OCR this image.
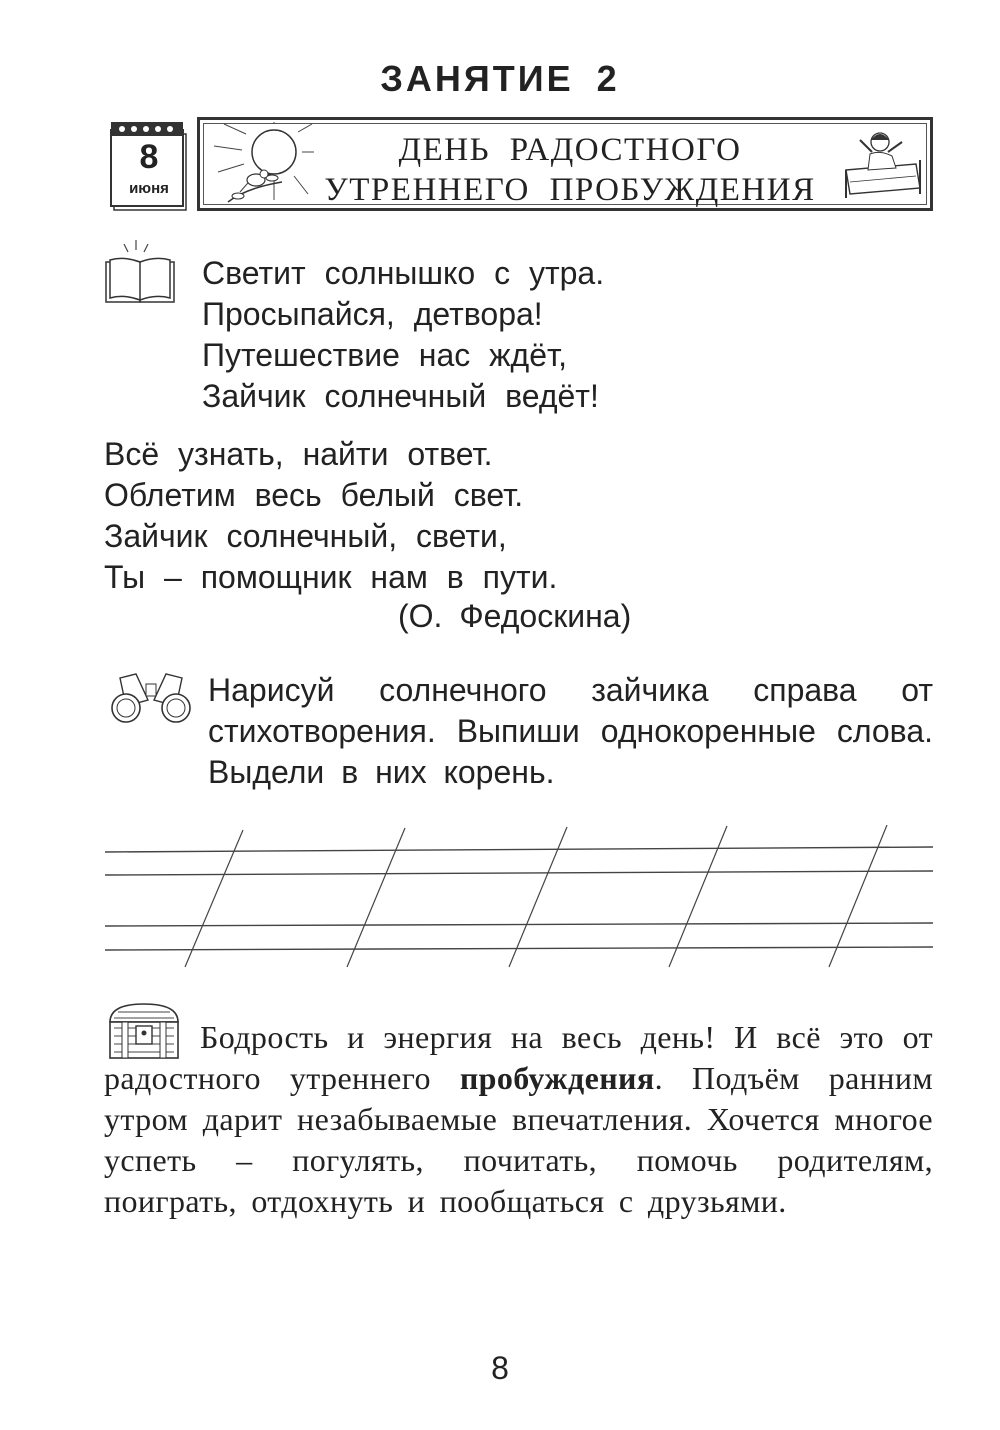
ЗАНЯТИЕ 2
8
июня
ДЕНЬ РАДОСТНОГО
УТРЕННЕГО ПРОБУЖДЕНИЯ
Светит солнышко с утра.
Просыпайся, детвора!
Путешествие нас ждёт,
Зайчик солнечный ведёт!
Всё узнать, найти ответ.
Облетим весь белый свет.
Зайчик солнечный, свети,
Ты – помощник нам в пути.
(О. Федоскина)
Нарисуй солнечного зайчика справа от стихотворения. Выпиши однокоренные слова. Выдели в них корень.
Бодрость и энергия на весь день! И всё это от радостного утреннего пробуждения. Подъём ранним утром дарит незабываемые впечатления. Хочется многое успеть – погулять, почитать, помочь родителям, поиграть, отдохнуть и пообщаться с друзьями.
8
